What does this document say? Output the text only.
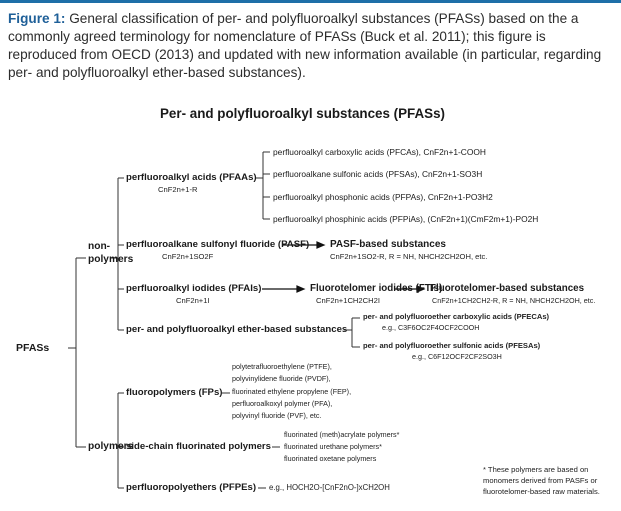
Figure 1: General classification of per- and polyfluoroalkyl substances (PFASs) based on the a commonly agreed terminology for nomenclature of PFASs (Buck et al. 2011); this figure is reproduced from OECD (2013) and updated with new information available (in particular, regarding per- and polyfluoroalkyl ether-based substances).
Per- and polyfluoroalkyl substances (PFASs)
PFASs
non-
polymers
polymers
perfluoroalkyl acids (PFAAs)
CnF2n+1-R
perfluoroalkyl carboxylic acids (PFCAs), CnF2n+1-COOH
perfluoroalkane sulfonic acids (PFSAs), CnF2n+1-SO3H
perfluoroalkyl phosphonic acids (PFPAs), CnF2n+1-PO3H2
perfluoroalkyl phosphinic acids (PFPiAs), (CnF2n+1)(CmF2m+1)-PO2H
perfluoroalkane sulfonyl fluoride (PASF)
CnF2n+1SO2F
PASF-based substances
CnF2n+1SO2-R, R = NH, NHCH2CH2OH, etc.
perfluoroalkyl iodides (PFAIs)
CnF2n+1I
Fluorotelomer iodides (FTIs)
CnF2n+1CH2CH2I
Fluorotelomer-based substances
CnF2n+1CH2CH2-R, R = NH, NHCH2CH2OH, etc.
per- and polyfluoroalkyl ether-based substances
per- and polyfluoroether carboxylic acids (PFECAs)
e.g., C3F6OC2F4OCF2COOH
per- and polyfluoroether sulfonic acids (PFESAs)
e.g., C6F12OCF2CF2SO3H
fluoropolymers (FPs)
polytetrafluoroethylene (PTFE),
polyvinylidene fluoride (PVDF),
fluorinated ethylene propylene (FEP),
perfluoroalkoxyl polymer (PFA),
polyvinyl fluoride (PVF), etc.
side-chain fluorinated polymers
fluorinated (meth)acrylate polymers*
fluorinated urethane polymers*
fluorinated oxetane polymers
perfluoropolyethers (PFPEs) e.g., HOCH2O-[CnF2nO-]xCH2OH
* These polymers are based on
monomers derived from PASFs or
fluorotelomer-based raw materials.
